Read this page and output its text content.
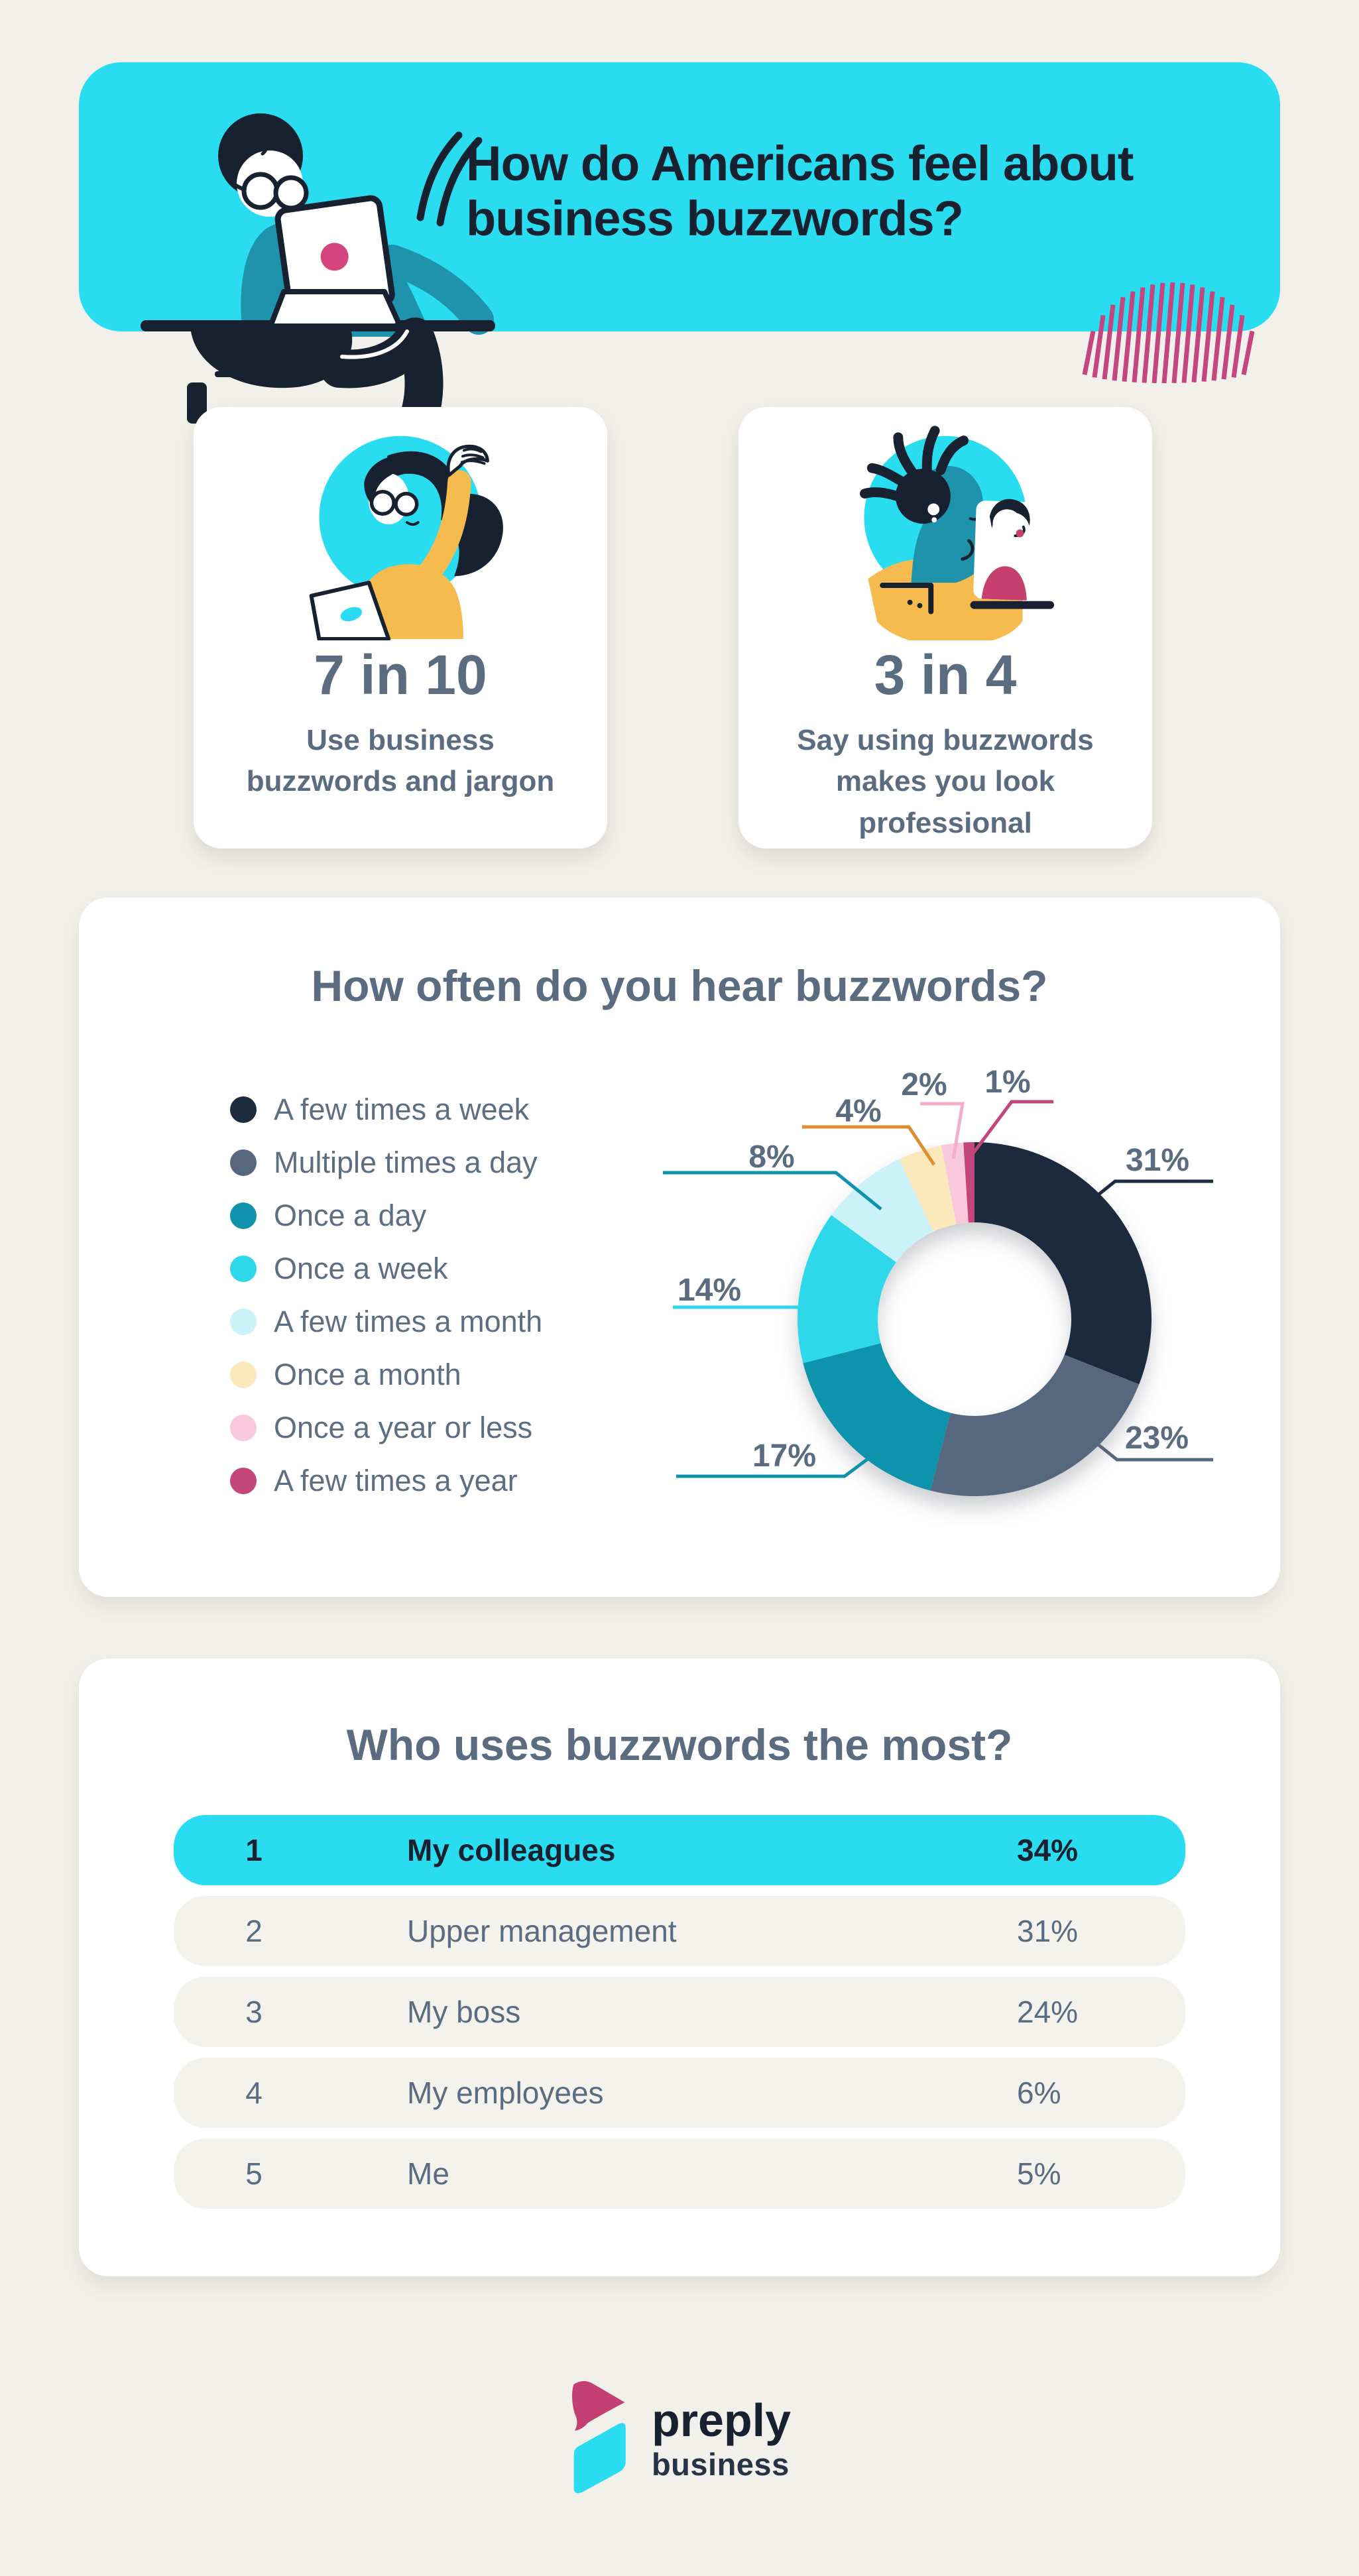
How do Americans feel about
business buzzwords?
7 in 10

Use business buzzwords and jargon

3 in 4

Say using buzzwords makes you look professional

How often do you hear buzzwords?
A few times a week
Multiple times a day
Once a day
Once a week
A few times a month
Once a month
Once a year or less
A few times a year
31%
23%
17%
14%
8%
4%
2% 1%
Who uses buzzwords the most?
1	My colleagues	34%
2	Upper management	31%
3	My boss	24%
4	My employees	6%
5	Me	5%
preply
business
